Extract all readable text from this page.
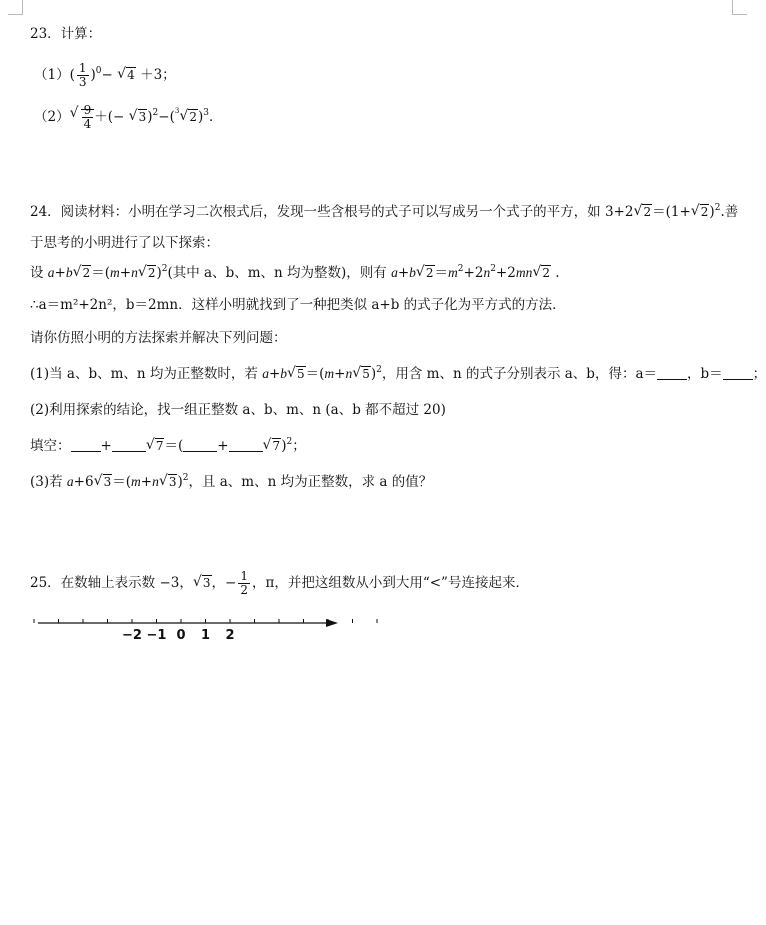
23．计算：
$(1)( \frac{1}{3} )^0-$ √ 4 ＋3；
（2）
√ $\frac{9}{4}$ ＋(− √ 3)$^2$−($^3$√ 2)$^3$．
24．阅读材料：小明在学习二次根式后，发现一些含根号的式子可以写成另一个式子的平方，如 3+2√ 2＝(1+√ 2)$^2$.善
于思考的小明进行了以下探索：
设 a+b√ 2＝(m+n√ 2)$^2$(其中 a、b、m、n 均为整数)，则有 a+b√ $2=m^2+2n^2+2mn√$ 2 .
∴a＝m²+2n²，b＝2mn．这样小明就找到了一种把类似 a+b 的式子化为平方式的方法．
请你仿照小明的方法探索并解决下列问题：
(1)当 a、b、m、n 均为正整数时，若 a+b√ 5＝(m+n√ 5)$^2$，用含 m、n 的式子分别表示 a、b，得：a＝ ，b＝ ；
(2)利用探索的结论，找一组正整数 a、b、m、n (a、b 都不超过 20)
填空： +√	7＝(	+√	7)$^2$；
(3)若 a+6√ 3＝(m+n√ 3)$^2$，且 a、m、n 均为正整数，求 a 的值？
25．在数轴上表示数 −3，√ 3，− $\frac{1}{2}$ ，π，并把这组数从小到大用“<”号连接起来．
−2 −1 0 1 2
